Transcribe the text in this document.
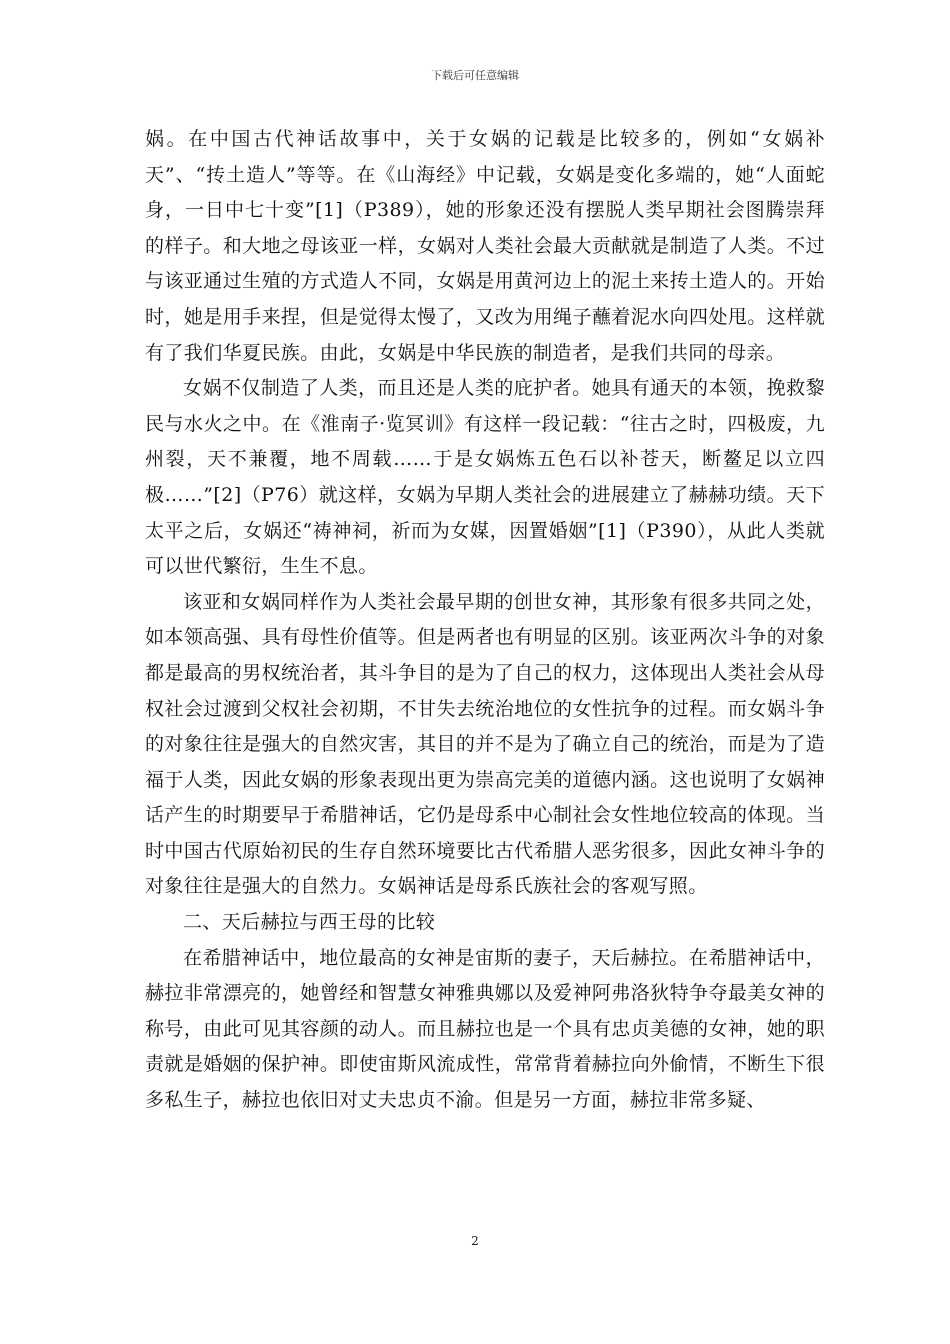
下载后可任意编辑

娲。在中国古代神话故事中，关于女娲的记载是比较多的，例如“女娲补天”、“抟土造人”等等。在《山海经》中记载，女娲是变化多端的，她“人面蛇身，一日中七十变”[1]（P389），她的形象还没有摆脱人类早期社会图腾崇拜的样子。和大地之母该亚一样，女娲对人类社会最大贡献就是制造了人类。不过与该亚通过生殖的方式造人不同，女娲是用黄河边上的泥土来抟土造人的。开始时，她是用手来捏，但是觉得太慢了，又改为用绳子蘸着泥水向四处甩。这样就有了我们华夏民族。由此，女娲是中华民族的制造者，是我们共同的母亲。

女娲不仅制造了人类，而且还是人类的庇护者。她具有通天的本领，挽救黎民与水火之中。在《淮南子·览冥训》有这样一段记载：“往古之时，四极废，九州裂，天不兼覆，地不周载……于是女娲炼五色石以补苍天，断鳌足以立四极……”[2]（P76）就这样，女娲为早期人类社会的进展建立了赫赫功绩。天下太平之后，女娲还“祷神祠，祈而为女媒，因置婚姻”[1]（P390），从此人类就可以世代繁衍，生生不息。

该亚和女娲同样作为人类社会最早期的创世女神，其形象有很多共同之处，如本领高强、具有母性价值等。但是两者也有明显的区别。该亚两次斗争的对象都是最高的男权统治者，其斗争目的是为了自己的权力，这体现出人类社会从母权社会过渡到父权社会初期，不甘失去统治地位的女性抗争的过程。而女娲斗争的对象往往是强大的自然灾害，其目的并不是为了确立自己的统治，而是为了造福于人类，因此女娲的形象表现出更为崇高完美的道德内涵。这也说明了女娲神话产生的时期要早于希腊神话，它仍是母系中心制社会女性地位较高的体现。当时中国古代原始初民的生存自然环境要比古代希腊人恶劣很多，因此女神斗争的对象往往是强大的自然力。女娲神话是母系氏族社会的客观写照。

二、天后赫拉与西王母的比较

在希腊神话中，地位最高的女神是宙斯的妻子，天后赫拉。在希腊神话中，赫拉非常漂亮的，她曾经和智慧女神雅典娜以及爱神阿弗洛狄特争夺最美女神的称号，由此可见其容颜的动人。而且赫拉也是一个具有忠贞美德的女神，她的职责就是婚姻的保护神。即使宙斯风流成性，常常背着赫拉向外偷情，不断生下很多私生子，赫拉也依旧对丈夫忠贞不渝。但是另一方面，赫拉非常多疑、

2
